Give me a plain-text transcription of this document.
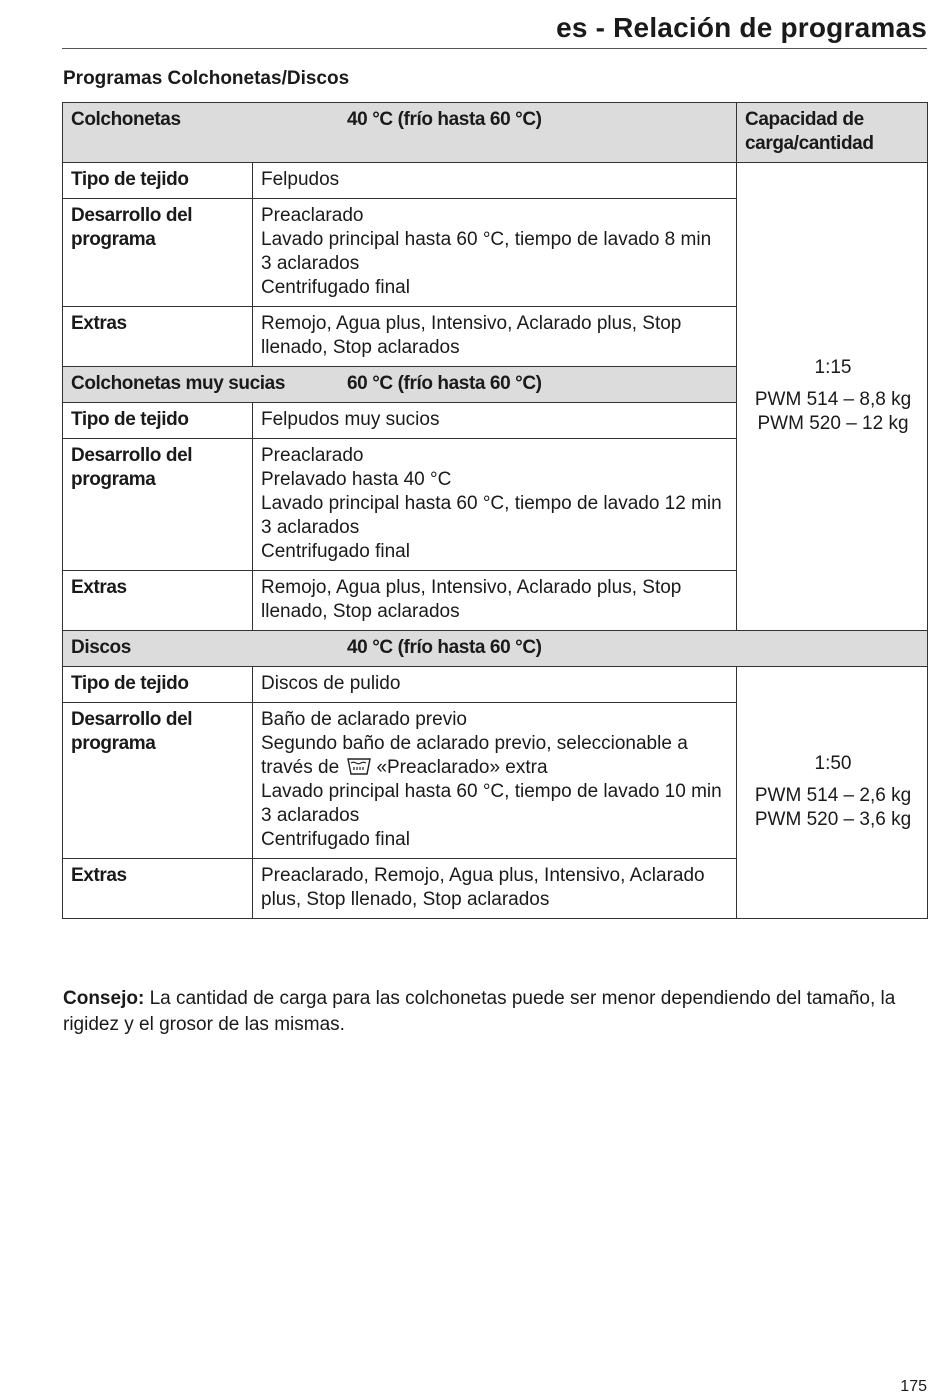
es - Relación de programas
Programas Colchonetas/Discos
Colchonetas 40 °C (frío hasta 60 °C)		Capacidad de carga/cantidad
Tipo de tejido	Felpudos	1:15
PWM 514 – 8,8 kg
PWM 520 – 12 kg

Desarrollo del programa	Preaclarado
Lavado principal hasta 60 °C, tiempo de lavado 8 min
3 aclarados
Centrifugado final	

Extras	Remojo, Agua plus, Intensivo, Aclarado plus, Stop llenado, Stop aclarados	
Colchonetas muy sucias 60 °C (frío hasta 60 °C)		
Tipo de tejido	Felpudos muy sucios	
Desarrollo del programa	Preaclarado
Prelavado hasta 40 °C
Lavado principal hasta 60 °C, tiempo de lavado 12 min
3 aclarados
Centrifugado final	

Extras	Remojo, Agua plus, Intensivo, Aclarado plus, Stop llenado, Stop aclarados	
Discos 40 °C (frío hasta 60 °C)		
Tipo de tejido	Discos de pulido	1:50
PWM 514 – 2,6 kg
PWM 520 – 3,6 kg

Desarrollo del programa	Baño de aclarado previo
Segundo baño de aclarado previo, seleccionable a través de «Preaclarado» extra
Lavado principal hasta 60 °C, tiempo de lavado 10 min
3 aclarados
Centrifugado final	

Extras	Preaclarado, Remojo, Agua plus, Intensivo, Aclarado plus, Stop llenado, Stop aclarados	

Consejo: La cantidad de carga para las colchonetas puede ser menor dependiendo del tamaño, la rigidez y el grosor de las mismas.

175
